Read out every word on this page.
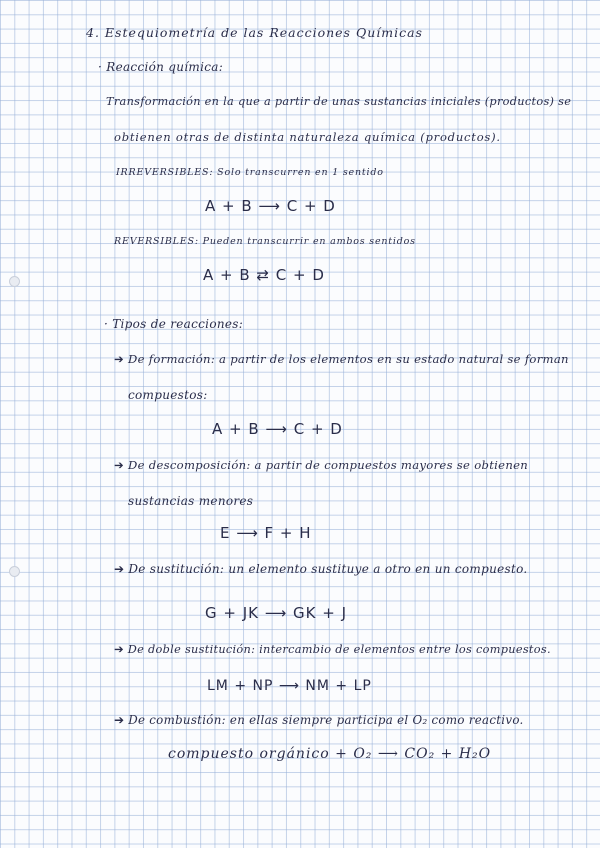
4. Estequiometría de las Reacciones Químicas
· Reacción química:
Transformación en la que a partir de unas sustancias iniciales (productos) se
obtienen otras de distinta naturaleza química (productos).
IRREVERSIBLES: Solo transcurren en 1 sentido
A + B ⟶ C + D
REVERSIBLES: Pueden transcurrir en ambos sentidos
A + B ⇄ C + D
· Tipos de reacciones:
➔ De formación: a partir de los elementos en su estado natural se forman
compuestos:
A + B ⟶ C + D
➔ De descomposición: a partir de compuestos mayores se obtienen
sustancias menores
E ⟶ F + H
➔ De sustitución: un elemento sustituye a otro en un compuesto.
G + JK ⟶ GK + J
➔ De doble sustitución: intercambio de elementos entre los compuestos.
LM + NP ⟶ NM + LP
➔ De combustión: en ellas siempre participa el O₂ como reactivo.
compuesto orgánico + O₂ ⟶ CO₂ + H₂O
